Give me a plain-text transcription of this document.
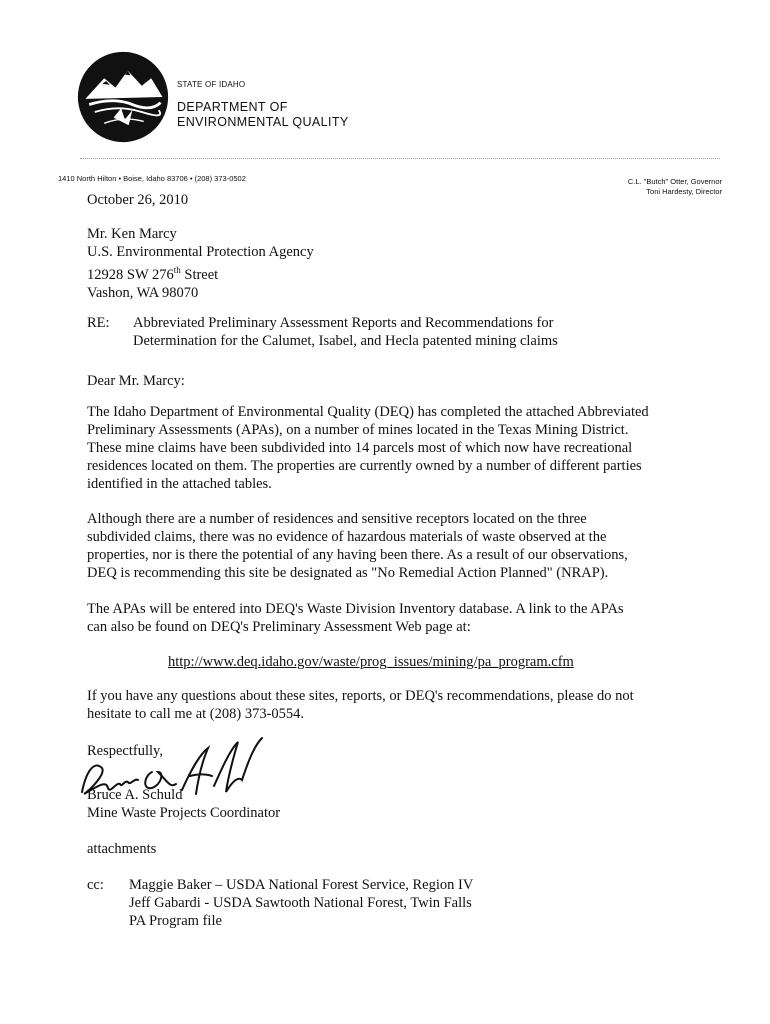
STATE OF IDAHO
DEPARTMENT OF
ENVIRONMENTAL QUALITY
1410 North Hilton • Boise, Idaho 83706 • (208) 373-0502	C.L. "Butch" Otter, Governor
Toni Hardesty, Director
October 26, 2010
Mr. Ken Marcy
U.S. Environmental Protection Agency
12928 SW 276th Street
Vashon, WA 98070
RE: Abbreviated Preliminary Assessment Reports and Recommendations for
Determination for the Calumet, Isabel, and Hecla patented mining claims
Dear Mr. Marcy:
The Idaho Department of Environmental Quality (DEQ) has completed the attached Abbreviated
Preliminary Assessments (APAs), on a number of mines located in the Texas Mining District.
These mine claims have been subdivided into 14 parcels most of which now have recreational
residences located on them. The properties are currently owned by a number of different parties
identified in the attached tables.
Although there are a number of residences and sensitive receptors located on the three
subdivided claims, there was no evidence of hazardous materials of waste observed at the
properties, nor is there the potential of any having been there. As a result of our observations,
DEQ is recommending this site be designated as "No Remedial Action Planned" (NRAP).
The APAs will be entered into DEQ's Waste Division Inventory database. A link to the APAs
can also be found on DEQ's Preliminary Assessment Web page at:
http://www.deq.idaho.gov/waste/prog_issues/mining/pa_program.cfm
If you have any questions about these sites, reports, or DEQ's recommendations, please do not
hesitate to call me at (208) 373-0554.
Respectfully,
Bruce A. Schuld
Mine Waste Projects Coordinator
attachments
cc: Maggie Baker – USDA National Forest Service, Region IV
Jeff Gabardi - USDA Sawtooth National Forest, Twin Falls
PA Program file
